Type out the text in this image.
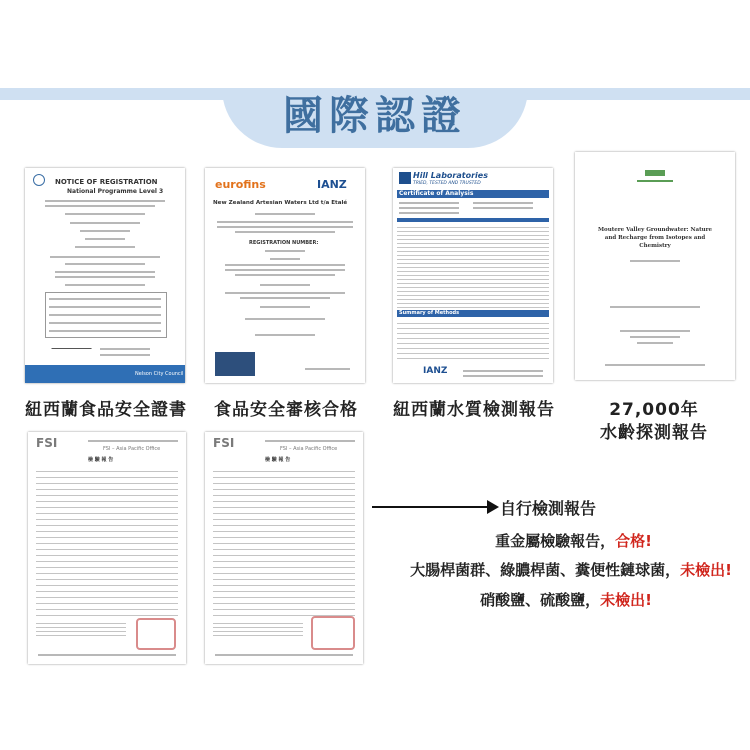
國際認證
NOTICE OF REGISTRATION
National Programme Level 3
Nelson City Council
紐西蘭食品安全證書
eurofins	IANZ
New Zealand Artesian Waters Ltd t/a Etalé
REGISTRATION NUMBER:
食品安全審核合格
Hill Laboratories
TRIED, TESTED AND TRUSTED
Certificate of Analysis
Summary of Methods
IANZ
紐西蘭水質檢測報告
Moutere Valley Groundwater: Nature and Recharge from Isotopes and Chemistry
27,000年
水齡探測報告
FSI	FSI – Asia Pacific Office
檢 驗 報 告
FSI	FSI – Asia Pacific Office
檢 驗 報 告
自行檢測報告
重金屬檢驗報告，合格!
大腸桿菌群、綠膿桿菌、糞便性鏈球菌，未檢出!
硝酸鹽、硫酸鹽，未檢出!
